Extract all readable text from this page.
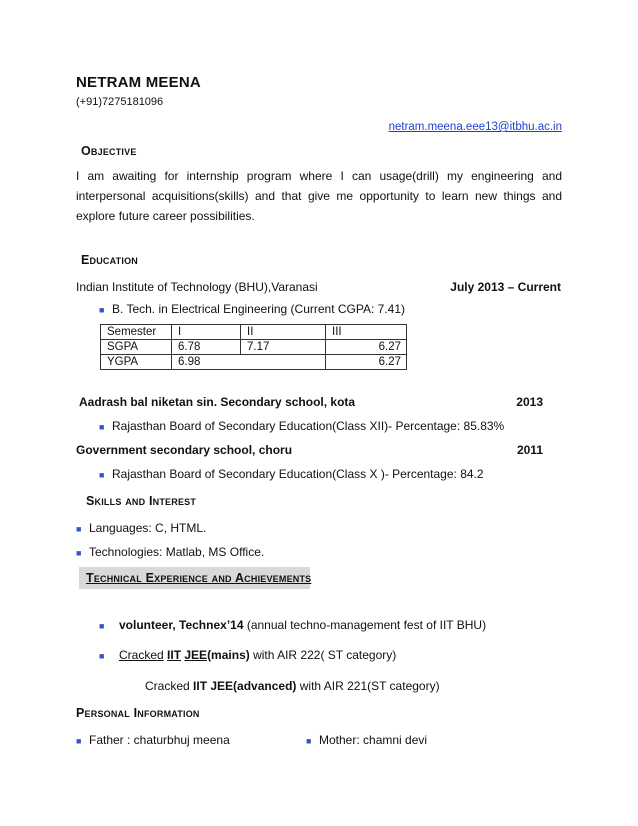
NETRAM MEENA
(+91)7275181096
netram.meena.eee13@itbhu.ac.in
Objective
I am awaiting for internship program where I can usage(drill) my engineering and interpersonal acquisitions(skills) and that give me opportunity to learn new things and explore future career possibilities.
Education
Indian Institute of Technology (BHU),Varanasi	July 2013 – Current
■ B. Tech. in Electrical Engineering (Current CGPA: 7.41)
Semester	I	II	III
SGPA	6.78	7.17	6.27
YGPA	6.98		6.27
Aadrash bal niketan sin. Secondary school, kota	2013
■ Rajasthan Board of Secondary Education(Class XII)- Percentage: 85.83%
Government secondary school, choru	2011
■ Rajasthan Board of Secondary Education(Class X )- Percentage: 84.2
Skills and Interest
■ Languages: C, HTML.
■ Technologies: Matlab, MS Office.
Technical Experience and Achievements
■ volunteer, Technex’14 (annual techno-management fest of IIT BHU)
■ Cracked IIT JEE(mains) with AIR 222( ST category)
Cracked IIT JEE(advanced) with AIR 221(ST category)
Personal Information
■ Father : chaturbhuj meena	■ Mother: chamni devi
